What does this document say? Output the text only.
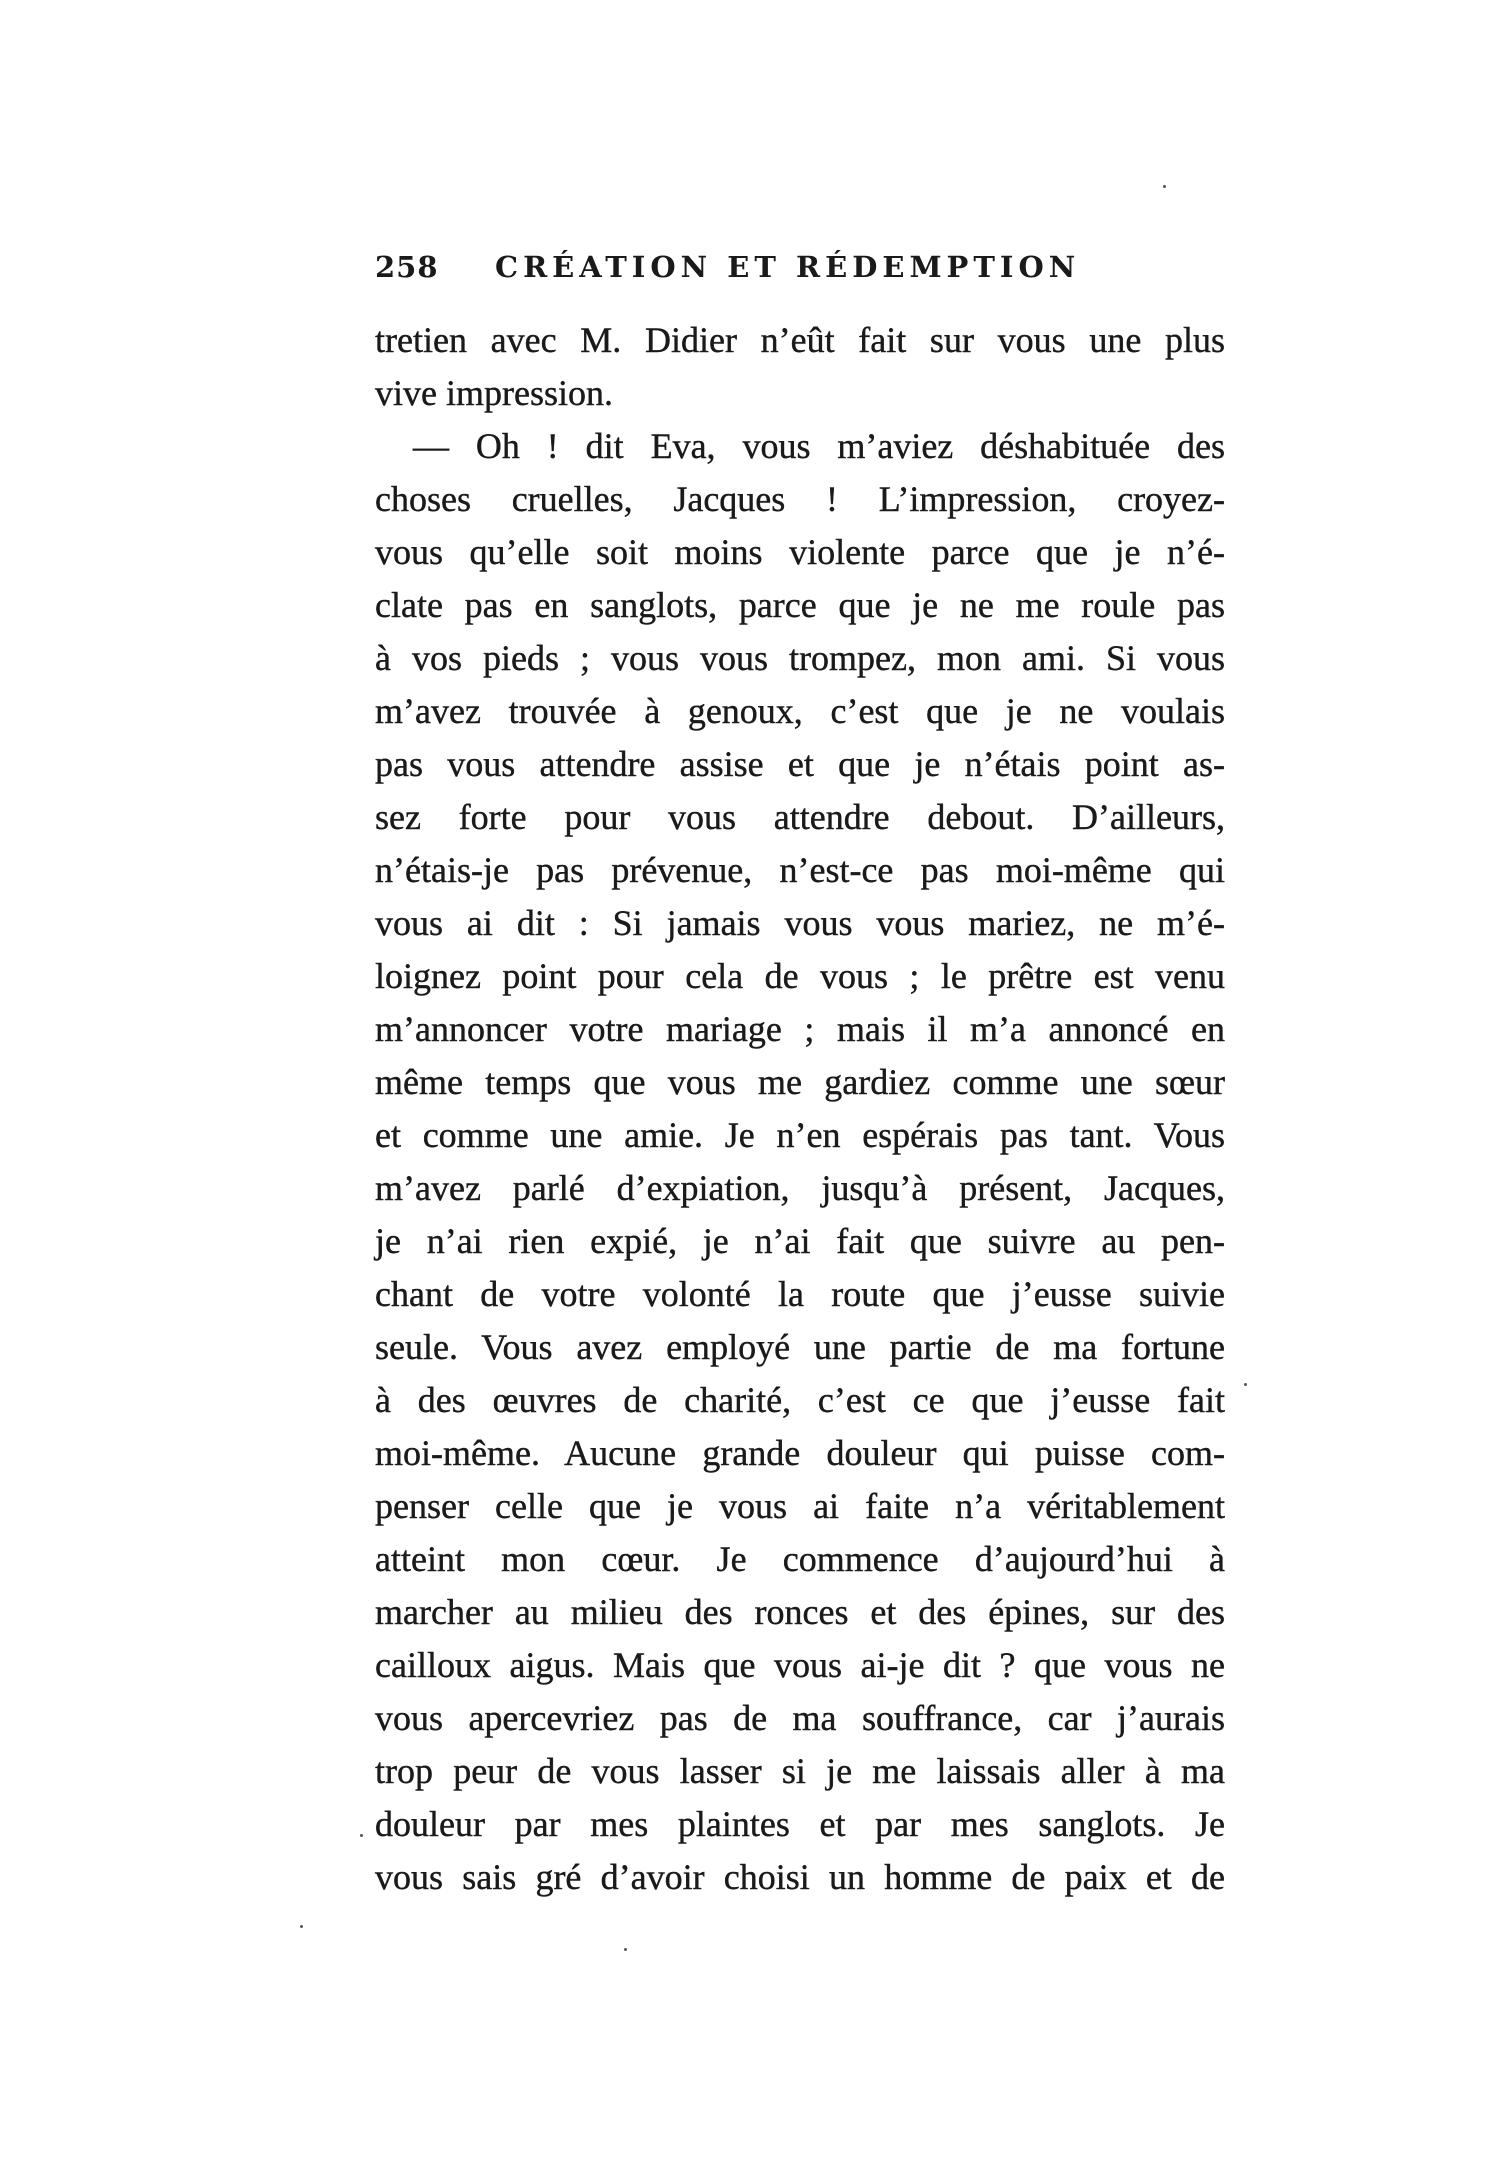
258 CRÉATION ET RÉDEMPTION
tretien avec M. Didier n’eût fait sur vous une plus
vive impression.
— Oh ! dit Eva, vous m’aviez déshabituée des
choses cruelles, Jacques ! L’impression, croyez-
vous qu’elle soit moins violente parce que je n’é-
clate pas en sanglots, parce que je ne me roule pas
à vos pieds ; vous vous trompez, mon ami. Si vous
m’avez trouvée à genoux, c’est que je ne voulais
pas vous attendre assise et que je n’étais point as-
sez forte pour vous attendre debout. D’ailleurs,
n’étais-je pas prévenue, n’est-ce pas moi-même qui
vous ai dit : Si jamais vous vous mariez, ne m’é-
loignez point pour cela de vous ; le prêtre est venu
m’annoncer votre mariage ; mais il m’a annoncé en
même temps que vous me gardiez comme une sœur
et comme une amie. Je n’en espérais pas tant. Vous
m’avez parlé d’expiation, jusqu’à présent, Jacques,
je n’ai rien expié, je n’ai fait que suivre au pen-
chant de votre volonté la route que j’eusse suivie
seule. Vous avez employé une partie de ma fortune
à des œuvres de charité, c’est ce que j’eusse fait
moi-même. Aucune grande douleur qui puisse com-
penser celle que je vous ai faite n’a véritablement
atteint mon cœur. Je commence d’aujourd’hui à
marcher au milieu des ronces et des épines, sur des
cailloux aigus. Mais que vous ai-je dit ? que vous ne
vous apercevriez pas de ma souffrance, car j’aurais
trop peur de vous lasser si je me laissais aller à ma
douleur par mes plaintes et par mes sanglots. Je
vous sais gré d’avoir choisi un homme de paix et de
